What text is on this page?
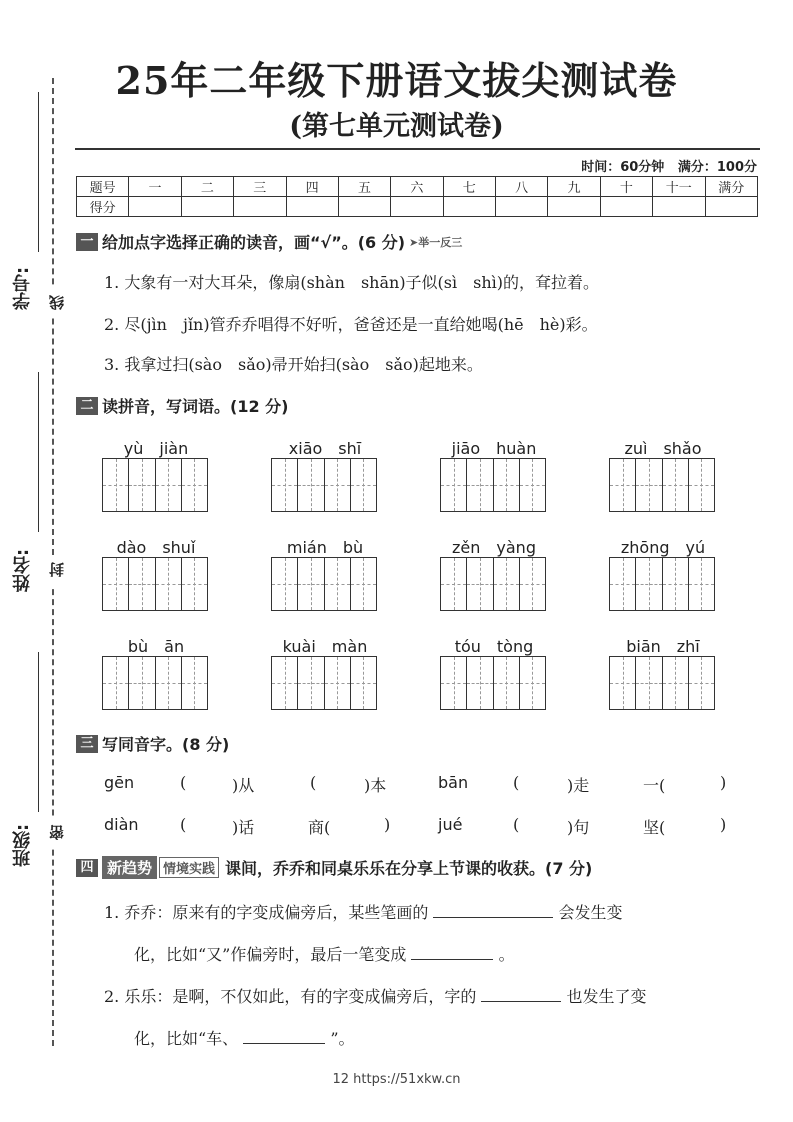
学号:	线
姓名:	封
班级:	密
25年二年级下册语文拔尖测试卷
(第七单元测试卷)
时间：60分钟 满分：100分
题号	一	二	三	四	五	六	七	八	九	十	十一	满分
得分												
一 给加点字选择正确的读音，画“√”。(6 分) ➤举一反三
1. 大象有一对大耳朵，像扇(shàn　shān)子似(sì　shì)的，耷拉着。
2. 尽(jìn　jǐn)管乔乔唱得不好听，爸爸还是一直给她喝(hē　hè)彩。
3. 我拿过扫(sào　sǎo)帚开始扫(sào　sǎo)起地来。
二 读拼音，写词语。(12 分)
yù　jiàn	xiāo　shī	jiāo　huàn	zuì　shǎo
dào　shuǐ	mián　bù	zěn　yàng	zhōng　yú
bù　ān	kuài　màn	tóu　tòng	biān　zhī
三 写同音字。(8 分)
gēn	(	)从	(	)本	bān	(	)走	一(	)
diàn	(	)话	商(	)	jué	(	)句	坚(	)
四 新趋势 情境实践 课间，乔乔和同桌乐乐在分享上节课的收获。(7 分)
1. 乔乔：原来有的字变成偏旁后，某些笔画的	会发生变
化，比如“又”作偏旁时，最后一笔变成	。
2. 乐乐：是啊，不仅如此，有的字变成偏旁后，字的	也发生了变
化，比如“车、	”。
12 https://51xkw.cn
